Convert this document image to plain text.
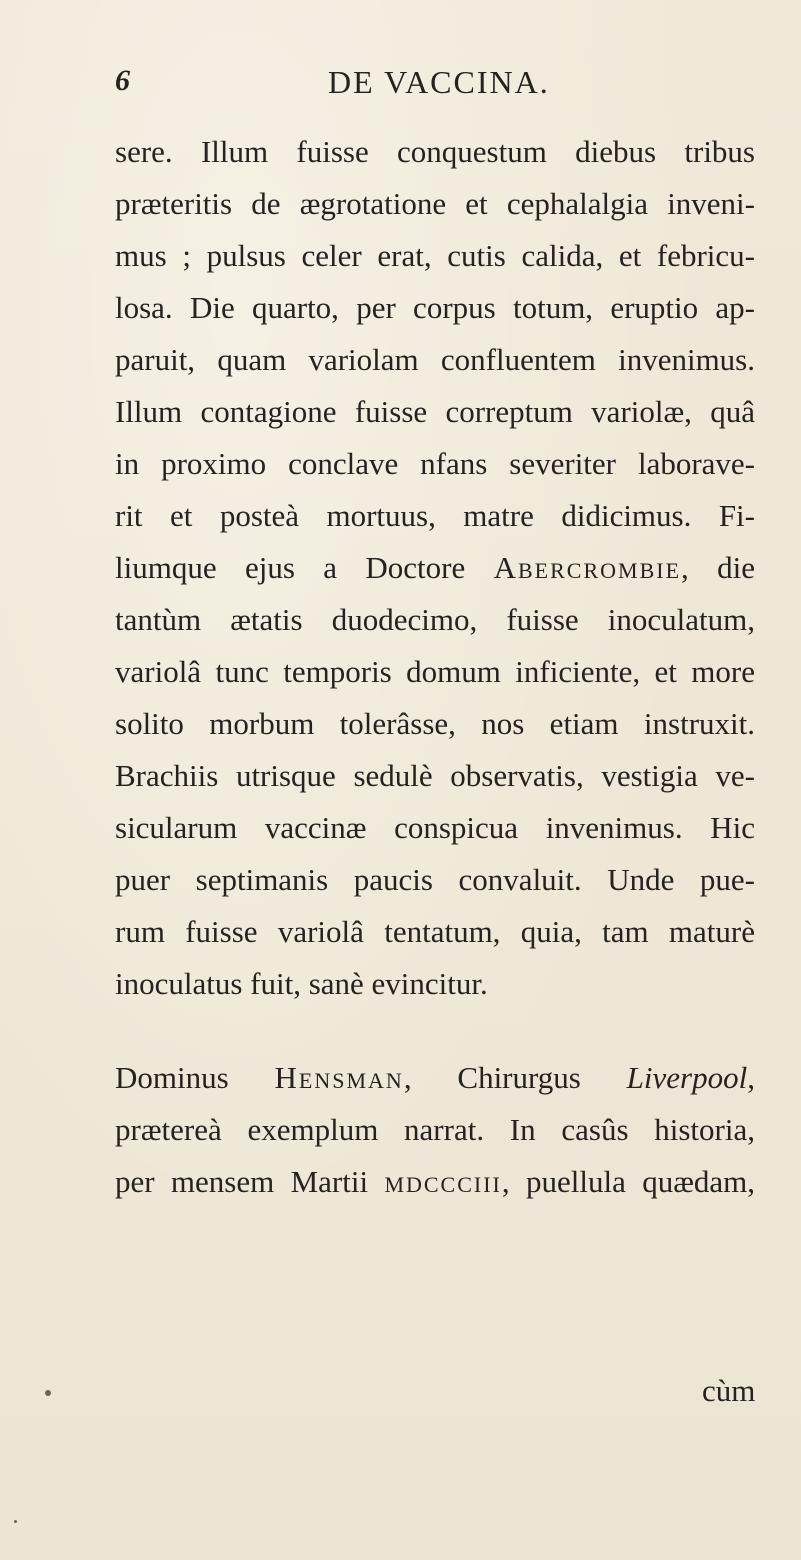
6	DE VACCINA.
sere. Illum fuisse conquestum diebus tribus
præteritis de ægrotatione et cephalalgia inveni-
mus ; pulsus celer erat, cutis calida, et febricu-
losa. Die quarto, per corpus totum, eruptio ap-
paruit, quam variolam confluentem invenimus.
Illum contagione fuisse correptum variolæ, quâ
in proximo conclave nfans severiter laborave-
rit et posteà mortuus, matre didicimus. Fi-
liumque ejus a Doctore Abercrombie, die
tantùm ætatis duodecimo, fuisse inoculatum,
variolâ tunc temporis domum inficiente, et more
solito morbum tolerâsse, nos etiam instruxit.
Brachiis utrisque sedulè observatis, vestigia ve-
sicularum vaccinæ conspicua invenimus. Hic
puer septimanis paucis convaluit. Unde pue-
rum fuisse variolâ tentatum, quia, tam maturè
inoculatus fuit, sanè evincitur.
Dominus Hensman, Chirurgus Liverpool,
prætereà exemplum narrat. In casûs historia,
per mensem Martii mdccciii, puellula quædam,
cùm
